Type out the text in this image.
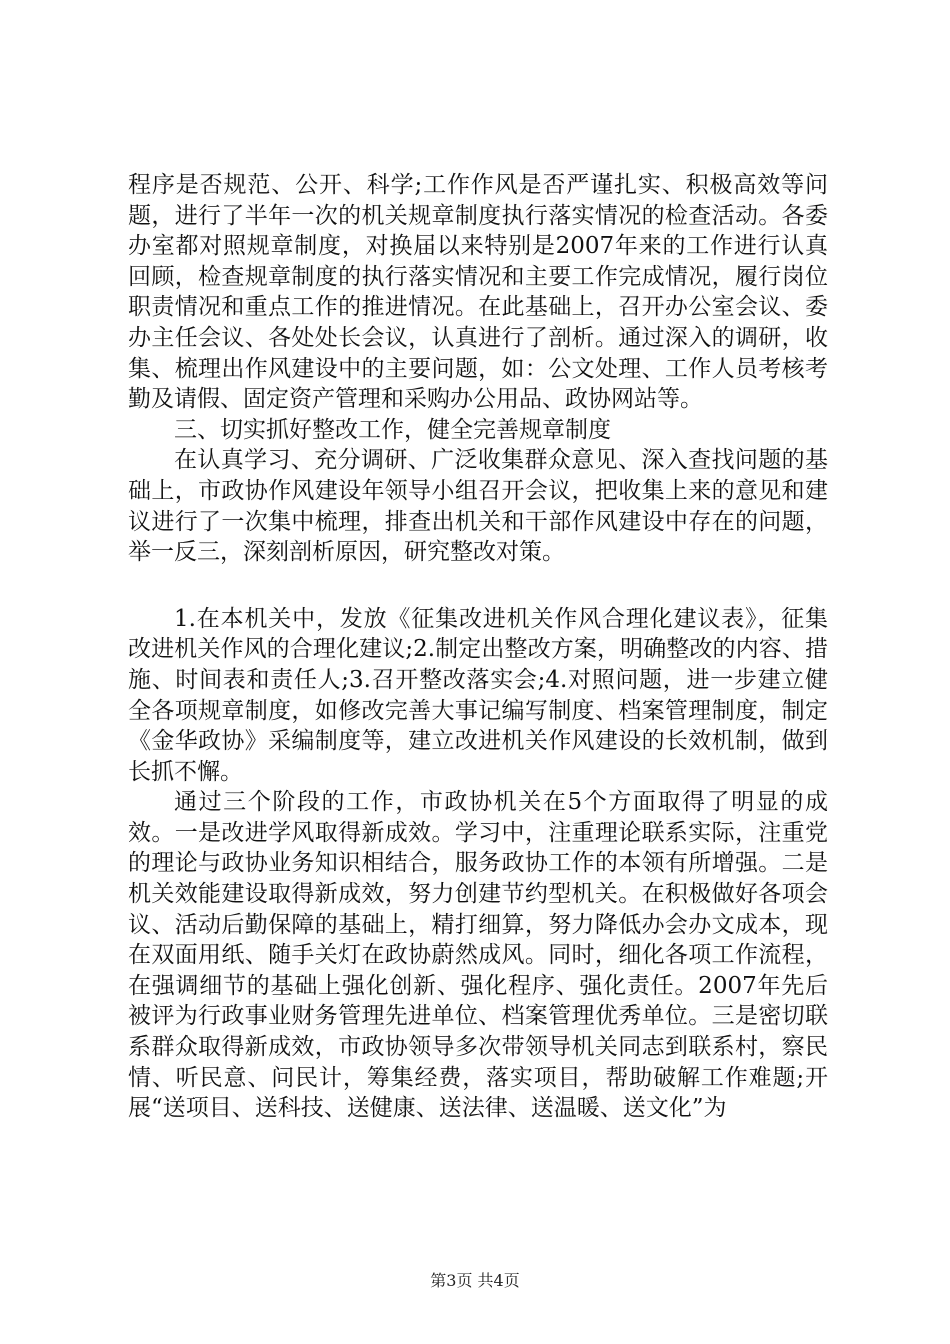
程序是否规范、公开、科学;工作作风是否严谨扎实、积极高效等问题，进行了半年一次的机关规章制度执行落实情况的检查活动。各委办室都对照规章制度，对换届以来特别是2007年来的工作进行认真回顾，检查规章制度的执行落实情况和主要工作完成情况，履行岗位职责情况和重点工作的推进情况。在此基础上，召开办公室会议、委办主任会议、各处处长会议，认真进行了剖析。通过深入的调研，收集、梳理出作风建设中的主要问题，如：公文处理、工作人员考核考勤及请假、固定资产管理和采购办公用品、政协网站等。

三、切实抓好整改工作，健全完善规章制度

在认真学习、充分调研、广泛收集群众意见、深入查找问题的基础上，市政协作风建设年领导小组召开会议，把收集上来的意见和建议进行了一次集中梳理，排查出机关和干部作风建设中存在的问题，举一反三，深刻剖析原因，研究整改对策。

1.在本机关中，发放《征集改进机关作风合理化建议表》，征集改进机关作风的合理化建议;2.制定出整改方案，明确整改的内容、措施、时间表和责任人;3.召开整改落实会;4.对照问题，进一步建立健全各项规章制度，如修改完善大事记编写制度、档案管理制度，制定《金华政协》采编制度等，建立改进机关作风建设的长效机制，做到长抓不懈。

通过三个阶段的工作，市政协机关在5个方面取得了明显的成效。一是改进学风取得新成效。学习中，注重理论联系实际，注重党的理论与政协业务知识相结合，服务政协工作的本领有所增强。二是机关效能建设取得新成效，努力创建节约型机关。在积极做好各项会议、活动后勤保障的基础上，精打细算，努力降低办会办文成本，现在双面用纸、随手关灯在政协蔚然成风。同时，细化各项工作流程，在强调细节的基础上强化创新、强化程序、强化责任。2007年先后被评为行政事业财务管理先进单位、档案管理优秀单位。三是密切联系群众取得新成效，市政协领导多次带领导机关同志到联系村，察民情、听民意、问民计，筹集经费，落实项目，帮助破解工作难题;开展“送项目、送科技、送健康、送法律、送温暖、送文化”为

第3页 共4页
